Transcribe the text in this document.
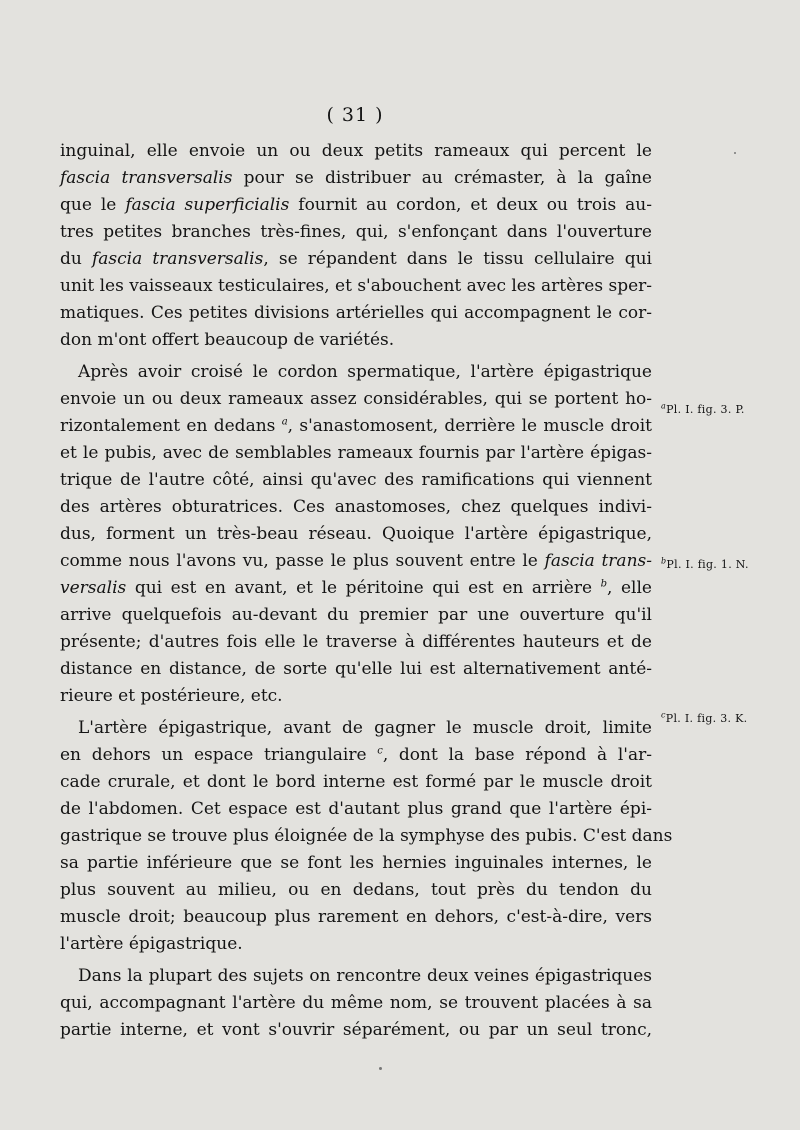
( 31 )
inguinal, elle envoie un ou deux petits rameaux qui percent le
fascia transversalis pour se distribuer au crémaster, à la gaîne
que le fascia superficialis fournit au cordon, et deux ou trois au-
tres petites branches très-fines, qui, s'enfonçant dans l'ouverture
du fascia transversalis, se répandent dans le tissu cellulaire qui
unit les vaisseaux testiculaires, et s'abouchent avec les artères sper-
matiques. Ces petites divisions artérielles qui accompagnent le cor-
don m'ont offert beaucoup de variétés.
Après avoir croisé le cordon spermatique, l'artère épigastrique
envoie un ou deux rameaux assez considérables, qui se portent ho-
rizontalement en dedans $^a$, s'anastomosent, derrière le muscle droit
et le pubis, avec de semblables rameaux fournis par l'artère épigas-
trique de l'autre côté, ainsi qu'avec des ramifications qui viennent
des artères obturatrices. Ces anastomoses, chez quelques indivi-
dus, forment un très-beau réseau. Quoique l'artère épigastrique,
comme nous l'avons vu, passe le plus souvent entre le fascia trans-
versalis qui est en avant, et le péritoine qui est en arrière $^b$, elle
arrive quelquefois au-devant du premier par une ouverture qu'il
présente; d'autres fois elle le traverse à différentes hauteurs et de
distance en distance, de sorte qu'elle lui est alternativement anté-
rieure et postérieure, etc.
L'artère épigastrique, avant de gagner le muscle droit, limite
en dehors un espace triangulaire $^c$, dont la base répond à l'ar-
cade crurale, et dont le bord interne est formé par le muscle droit
de l'abdomen. Cet espace est d'autant plus grand que l'artère épi-
gastrique se trouve plus éloignée de la symphyse des pubis. C'est dans
sa partie inférieure que se font les hernies inguinales internes, le
plus souvent au milieu, ou en dedans, tout près du tendon du
muscle droit; beaucoup plus rarement en dehors, c'est-à-dire, vers
l'artère épigastrique.
Dans la plupart des sujets on rencontre deux veines épigastriques
qui, accompagnant l'artère du même nom, se trouvent placées à sa
partie interne, et vont s'ouvrir séparément, ou par un seul tronc,
$^a$Pl. I. fig. 3. P.
$^b$Pl. I. fig. 1. N.
$^c$Pl. I. fig. 3. K.
